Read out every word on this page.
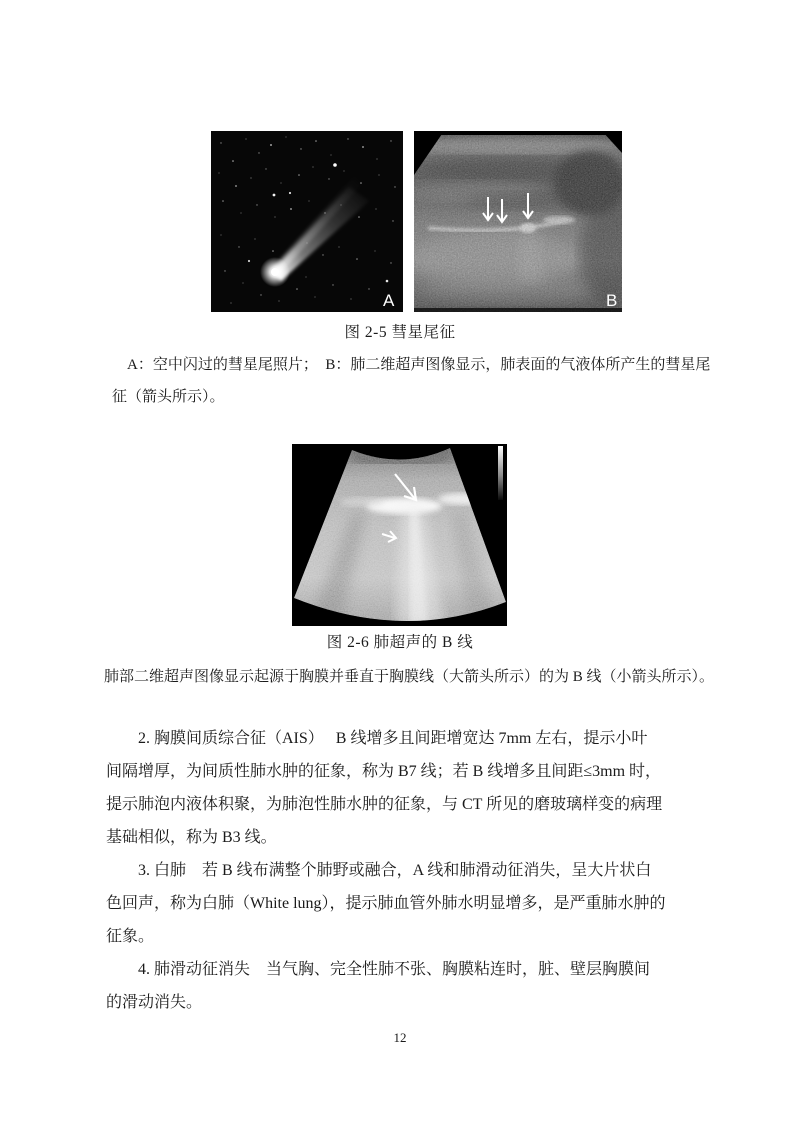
A	B
图 2-5 彗星尾征
A：空中闪过的彗星尾照片；　B：肺二维超声图像显示，肺表面的气液体所产生的彗星尾
征（箭头所示）。
图 2-6 肺超声的 B 线
肺部二维超声图像显示起源于胸膜并垂直于胸膜线（大箭头所示）的为 B 线（小箭头所示）。
2. 胸膜间质综合征（AIS）　 B 线增多且间距增宽达 7mm 左右，提示小叶
间隔增厚，为间质性肺水肿的征象，称为 B7 线；若 B 线增多且间距≤3mm 时，
提示肺泡内液体积聚，为肺泡性肺水肿的征象，与 CT 所见的磨玻璃样变的病理
基础相似，称为 B3 线。
3. 白肺　若 B 线布满整个肺野或融合，A 线和肺滑动征消失，呈大片状白
色回声，称为白肺（White lung），提示肺血管外肺水明显增多，是严重肺水肿的
征象。
4. 肺滑动征消失　当气胸、完全性肺不张、胸膜粘连时，脏、壁层胸膜间
的滑动消失。
12
